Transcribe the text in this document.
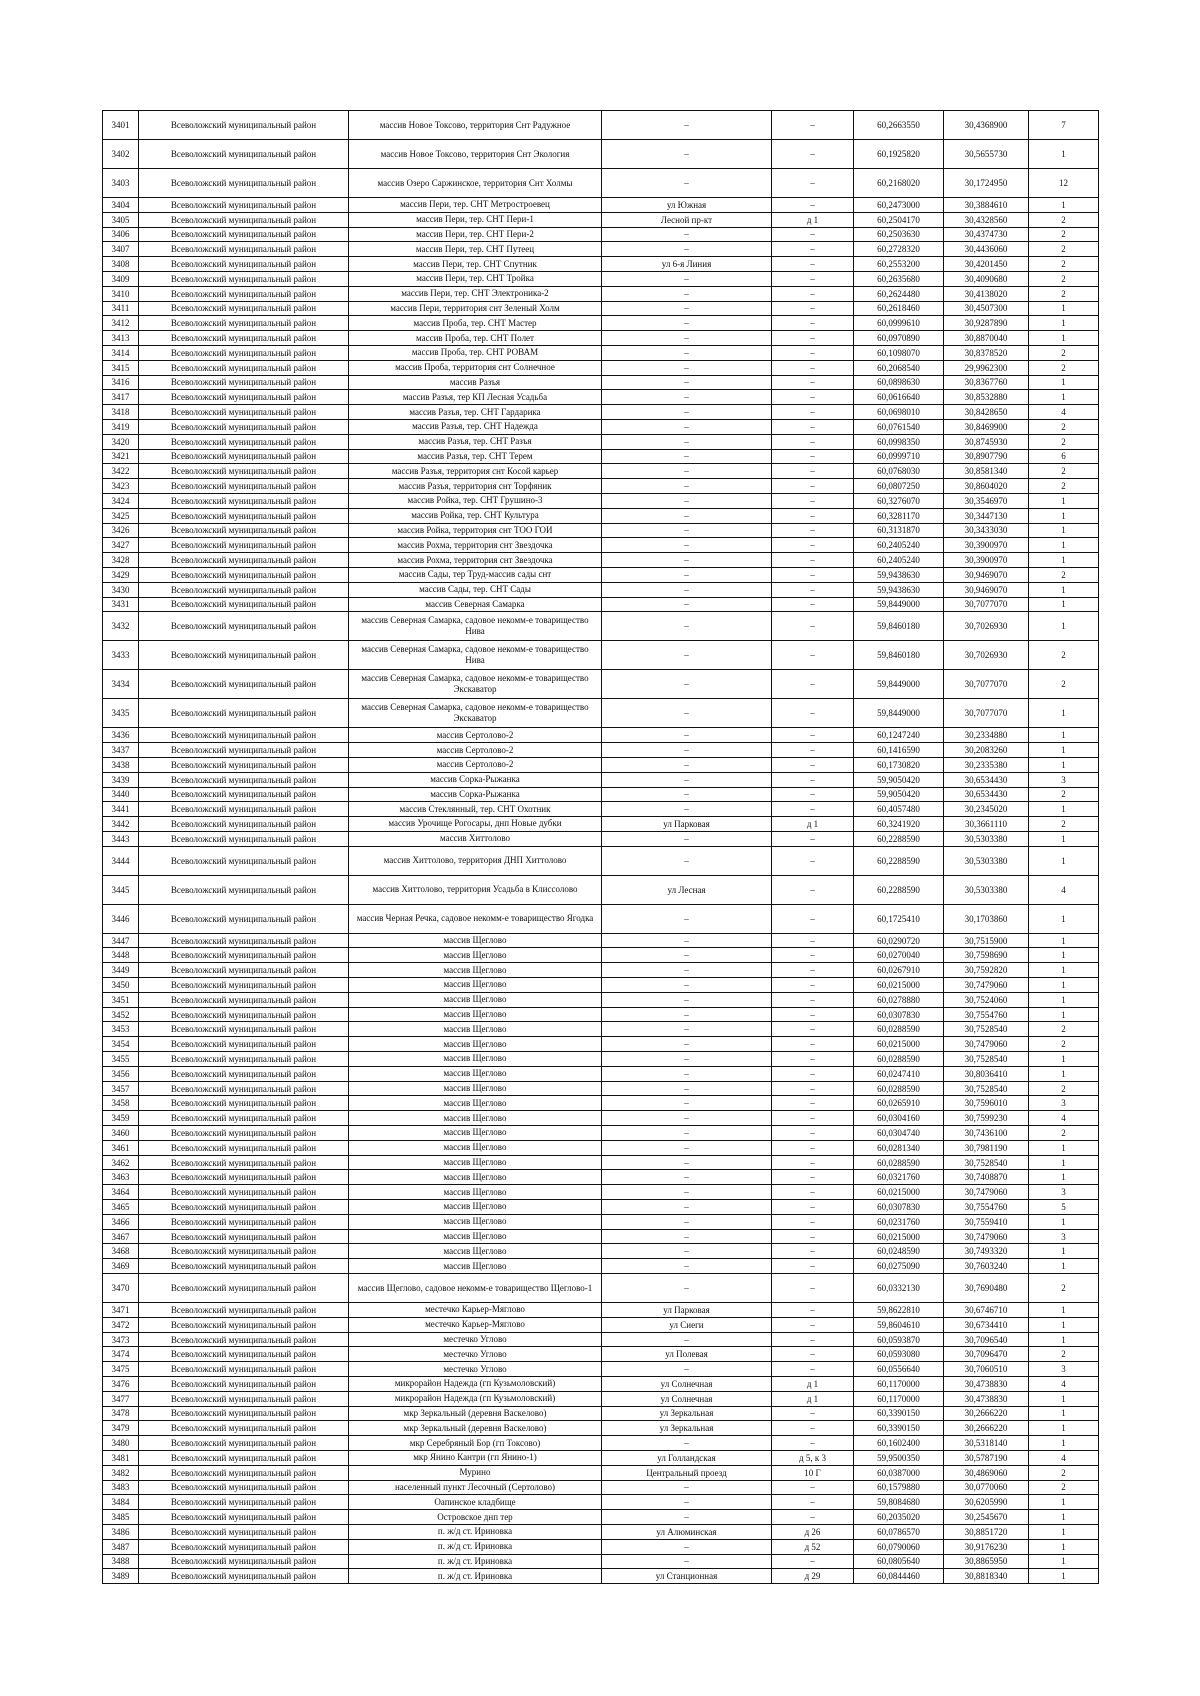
3401	Всеволожский муниципальный район	массив Новое Токсово, территория Снт Радужное	–	–	60,2663550	30,4368900	7
3402	Всеволожский муниципальный район	массив Новое Токсово, территория Снт Экология	–	–	60,1925820	30,5655730	1
3403	Всеволожский муниципальный район	массив Озеро Саржинское, территория Снт Холмы	–	–	60,2168020	30,1724950	12
3404	Всеволожский муниципальный район	массив Пери, тер. СНТ Метростроевец	ул Южная	–	60,2473000	30,3884610	1
3405	Всеволожский муниципальный район	массив Пери, тер. СНТ Пери-1	Лесной пр-кт	д 1	60,2504170	30,4328560	2
3406	Всеволожский муниципальный район	массив Пери, тер. СНТ Пери-2	–	–	60,2503630	30,4374730	2
3407	Всеволожский муниципальный район	массив Пери, тер. СНТ Путеец	–	–	60,2728320	30,4436060	2
3408	Всеволожский муниципальный район	массив Пери, тер. СНТ Спутник	ул 6-я Линия	–	60,2553200	30,4201450	2
3409	Всеволожский муниципальный район	массив Пери, тер. СНТ Тройка	–	–	60,2635680	30,4090680	2
3410	Всеволожский муниципальный район	массив Пери, тер. СНТ Электроника-2	–	–	60,2624480	30,4138020	2
3411	Всеволожский муниципальный район	массив Пери, территория снт Зеленый Холм	–	–	60,2618460	30,4507300	1
3412	Всеволожский муниципальный район	массив Проба, тер. СНТ Мастер	–	–	60,0999610	30,9287890	1
3413	Всеволожский муниципальный район	массив Проба, тер. СНТ Полет	–	–	60,0970890	30,8870040	1
3414	Всеволожский муниципальный район	массив Проба, тер. СНТ РОВАМ	–	–	60,1098070	30,8378520	2
3415	Всеволожский муниципальный район	массив Проба, территория снт Солнечное	–	–	60,2068540	29,9962300	2
3416	Всеволожский муниципальный район	массив Разъя	–	–	60,0898630	30,8367760	1
3417	Всеволожский муниципальный район	массив Разъя, тер КП Лесная Усадьба	–	–	60,0616640	30,8532880	1
3418	Всеволожский муниципальный район	массив Разъя, тер. СНТ Гардарика	–	–	60,0698010	30,8428650	4
3419	Всеволожский муниципальный район	массив Разъя, тер. СНТ Надежда	–	–	60,0761540	30,8469900	2
3420	Всеволожский муниципальный район	массив Разъя, тер. СНТ Разъя	–	–	60,0998350	30,8745930	2
3421	Всеволожский муниципальный район	массив Разъя, тер. СНТ Терем	–	–	60,0999710	30,8907790	6
3422	Всеволожский муниципальный район	массив Разъя, территория снт Косой карьер	–	–	60,0768030	30,8581340	2
3423	Всеволожский муниципальный район	массив Разъя, территория снт Торфяник	–	–	60,0807250	30,8604020	2
3424	Всеволожский муниципальный район	массив Ройка, тер. СНТ Грушино-3	–	–	60,3276070	30,3546970	1
3425	Всеволожский муниципальный район	массив Ройка, тер. СНТ Культура	–	–	60,3281170	30,3447130	1
3426	Всеволожский муниципальный район	массив Ройка, территория снт ТОО ГОИ	–	–	60,3131870	30,3433030	1
3427	Всеволожский муниципальный район	массив Рохма, территория снт Звездочка	–	–	60,2405240	30,3900970	1
3428	Всеволожский муниципальный район	массив Рохма, территория снт Звездочка	–	–	60,2405240	30,3900970	1
3429	Всеволожский муниципальный район	массив Сады, тер Труд-массив сады снт	–	–	59,9438630	30,9469070	2
3430	Всеволожский муниципальный район	массив Сады, тер. СНТ Сады	–	–	59,9438630	30,9469070	1
3431	Всеволожский муниципальный район	массив Северная Самарка	–	–	59,8449000	30,7077070	1
3432	Всеволожский муниципальный район	массив Северная Самарка, садовое некомм-е товарищество Нива	–	–	59,8460180	30,7026930	1
3433	Всеволожский муниципальный район	массив Северная Самарка, садовое некомм-е товарищество Нива	–	–	59,8460180	30,7026930	2
3434	Всеволожский муниципальный район	массив Северная Самарка, садовое некомм-е товарищество Экскаватор	–	–	59,8449000	30,7077070	2
3435	Всеволожский муниципальный район	массив Северная Самарка, садовое некомм-е товарищество Экскаватор	–	–	59,8449000	30,7077070	1
3436	Всеволожский муниципальный район	массив Сертолово-2	–	–	60,1247240	30,2334880	1
3437	Всеволожский муниципальный район	массив Сертолово-2	–	–	60,1416590	30,2083260	1
3438	Всеволожский муниципальный район	массив Сертолово-2	–	–	60,1730820	30,2335380	1
3439	Всеволожский муниципальный район	массив Сорка-Рыжанка	–	–	59,9050420	30,6534430	3
3440	Всеволожский муниципальный район	массив Сорка-Рыжанка	–	–	59,9050420	30,6534430	2
3441	Всеволожский муниципальный район	массив Стеклянный, тер. СНТ Охотник	–	–	60,4057480	30,2345020	1
3442	Всеволожский муниципальный район	массив Урочище Рогосары, днп Новые дубки	ул Парковая	д 1	60,3241920	30,3661110	2
3443	Всеволожский муниципальный район	массив Хиттолово	–	–	60,2288590	30,5303380	1
3444	Всеволожский муниципальный район	массив Хиттолово, территория ДНП Хиттолово	–	–	60,2288590	30,5303380	1
3445	Всеволожский муниципальный район	массив Хиттолово, территория Усадьба в Клиссолово	ул Лесная	–	60,2288590	30,5303380	4
3446	Всеволожский муниципальный район	массив Черная Речка, садовое некомм-е товарищество Ягодка	–	–	60,1725410	30,1703860	1
3447	Всеволожский муниципальный район	массив Щеглово	–	–	60,0290720	30,7515900	1
3448	Всеволожский муниципальный район	массив Щеглово	–	–	60,0270040	30,7598690	1
3449	Всеволожский муниципальный район	массив Щеглово	–	–	60,0267910	30,7592820	1
3450	Всеволожский муниципальный район	массив Щеглово	–	–	60,0215000	30,7479060	1
3451	Всеволожский муниципальный район	массив Щеглово	–	–	60,0278880	30,7524060	1
3452	Всеволожский муниципальный район	массив Щеглово	–	–	60,0307830	30,7554760	1
3453	Всеволожский муниципальный район	массив Щеглово	–	–	60,0288590	30,7528540	2
3454	Всеволожский муниципальный район	массив Щеглово	–	–	60,0215000	30,7479060	2
3455	Всеволожский муниципальный район	массив Щеглово	–	–	60,0288590	30,7528540	1
3456	Всеволожский муниципальный район	массив Щеглово	–	–	60,0247410	30,8036410	1
3457	Всеволожский муниципальный район	массив Щеглово	–	–	60,0288590	30,7528540	2
3458	Всеволожский муниципальный район	массив Щеглово	–	–	60,0265910	30,7596010	3
3459	Всеволожский муниципальный район	массив Щеглово	–	–	60,0304160	30,7599230	4
3460	Всеволожский муниципальный район	массив Щеглово	–	–	60,0304740	30,7436100	2
3461	Всеволожский муниципальный район	массив Щеглово	–	–	60,0281340	30,7981190	1
3462	Всеволожский муниципальный район	массив Щеглово	–	–	60,0288590	30,7528540	1
3463	Всеволожский муниципальный район	массив Щеглово	–	–	60,0321760	30,7408870	1
3464	Всеволожский муниципальный район	массив Щеглово	–	–	60,0215000	30,7479060	3
3465	Всеволожский муниципальный район	массив Щеглово	–	–	60,0307830	30,7554760	5
3466	Всеволожский муниципальный район	массив Щеглово	–	–	60,0231760	30,7559410	1
3467	Всеволожский муниципальный район	массив Щеглово	–	–	60,0215000	30,7479060	3
3468	Всеволожский муниципальный район	массив Щеглово	–	–	60,0248590	30,7493320	1
3469	Всеволожский муниципальный район	массив Щеглово	–	–	60,0275090	30,7603240	1
3470	Всеволожский муниципальный район	массив Щеглово, садовое некомм-е товарищество Щеглово-1	–	–	60,0332130	30,7690480	2
3471	Всеволожский муниципальный район	местечко Карьер-Мяглово	ул Парковая	–	59,8622810	30,6746710	1
3472	Всеволожский муниципальный район	местечко Карьер-Мяглово	ул Сиеги	–	59,8604610	30,6734410	1
3473	Всеволожский муниципальный район	местечко Углово	–	–	60,0593870	30,7096540	1
3474	Всеволожский муниципальный район	местечко Углово	ул Полевая	–	60,0593080	30,7096470	2
3475	Всеволожский муниципальный район	местечко Углово	–	–	60,0556640	30,7060510	3
3476	Всеволожский муниципальный район	микрорайон Надежда (гп Кузьмоловский)	ул Солнечная	д 1	60,1170000	30,4738830	4
3477	Всеволожский муниципальный район	микрорайон Надежда (гп Кузьмоловский)	ул Солнечная	д 1	60,1170000	30,4738830	1
3478	Всеволожский муниципальный район	мкр Зеркальный (деревня Васкелово)	ул Зеркальная	–	60,3390150	30,2666220	1
3479	Всеволожский муниципальный район	мкр Зеркальный (деревня Васкелово)	ул Зеркальная	–	60,3390150	30,2666220	1
3480	Всеволожский муниципальный район	мкр Серебряный Бор (гп Токсово)	–	–	60,1602400	30,5318140	1
3481	Всеволожский муниципальный район	мкр Янино Кантри (гп Янино-1)	ул Голландская	д 5, к 3	59,9500350	30,5787190	4
3482	Всеволожский муниципальный район	Мурино	Центральный проезд	10 Г	60,0387000	30,4869060	2
3483	Всеволожский муниципальный район	населенный пункт Лесочный (Сертолово)	–	–	60,1579880	30,0770060	2
3484	Всеволожский муниципальный район	Оапинское кладбище	–	–	59,8084680	30,6205990	1
3485	Всеволожский муниципальный район	Островское днп тер	–	–	60,2035020	30,2545670	1
3486	Всеволожский муниципальный район	п. ж/д ст. Ириновка	ул Алюминская	д 26	60,0786570	30,8851720	1
3487	Всеволожский муниципальный район	п. ж/д ст. Ириновка	–	д 52	60,0790060	30,9176230	1
3488	Всеволожский муниципальный район	п. ж/д ст. Ириновка	–	–	60,0805640	30,8865950	1
3489	Всеволожский муниципальный район	п. ж/д ст. Ириновка	ул Станционная	д 29	60,0844460	30,8818340	1
